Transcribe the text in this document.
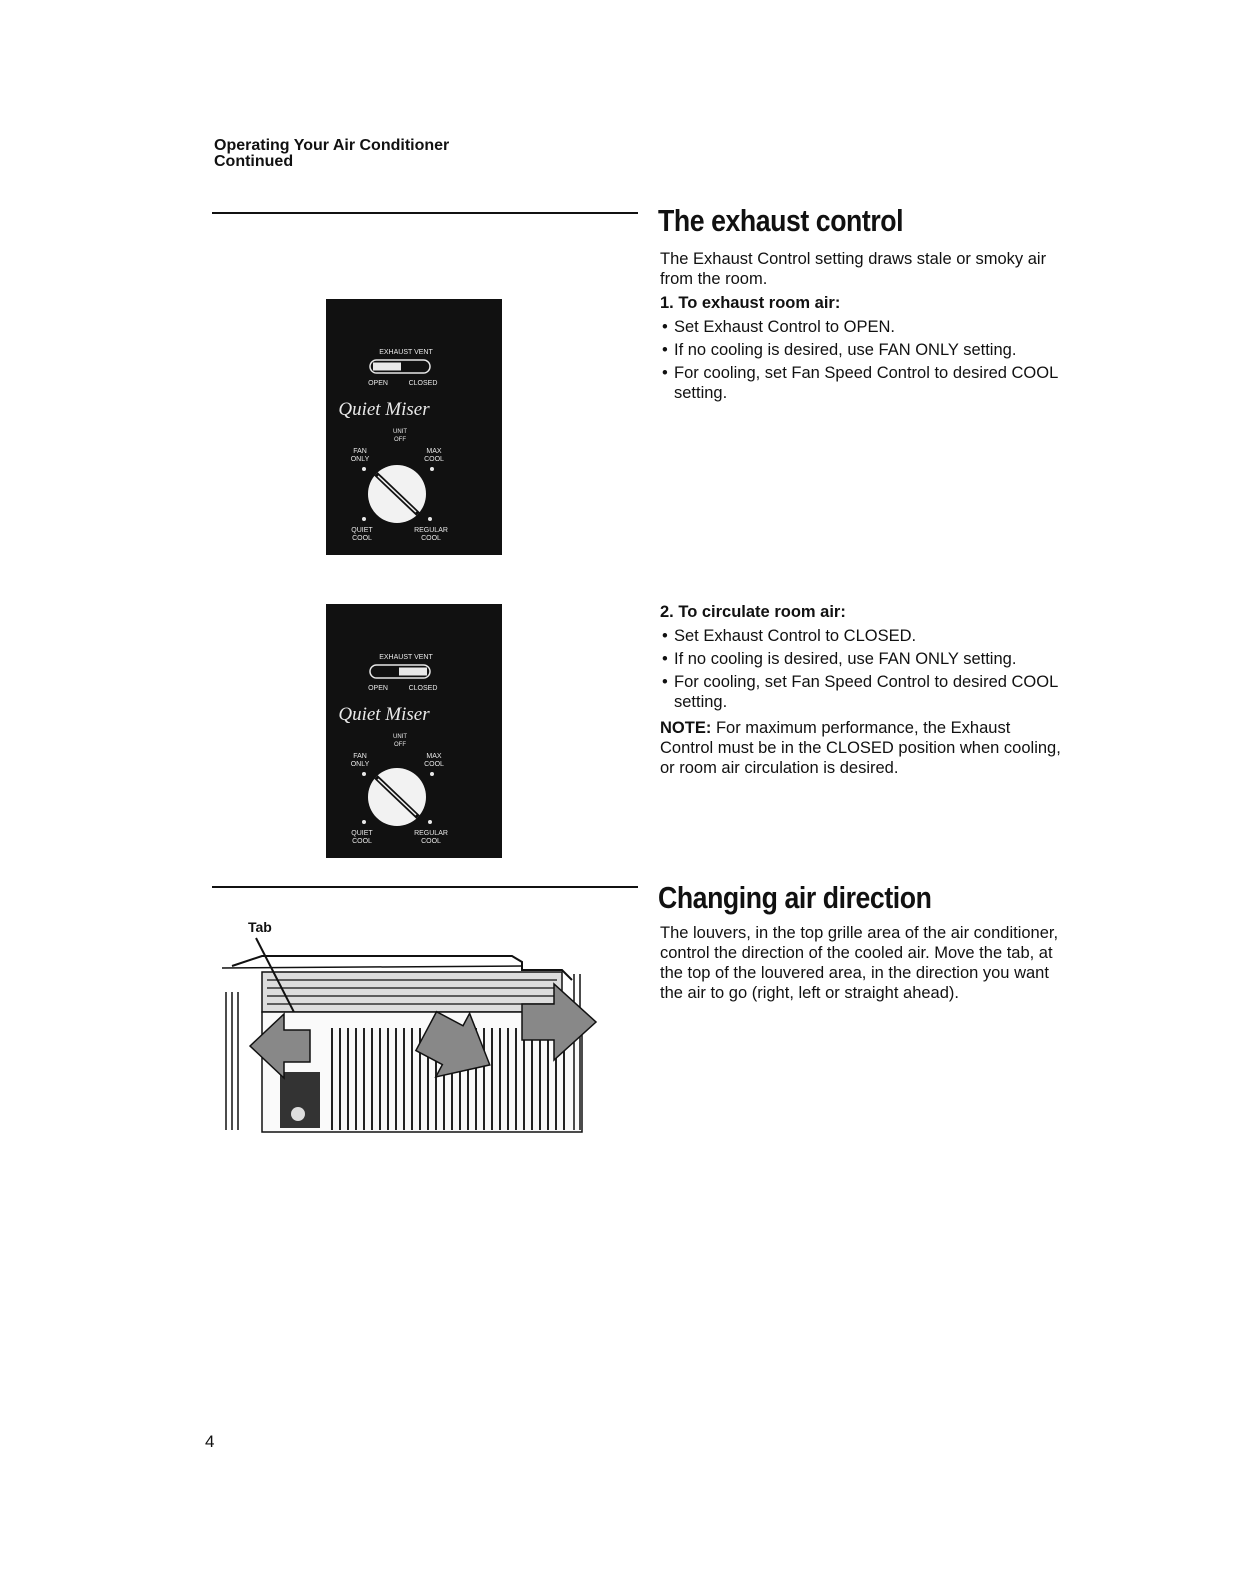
Operating Your Air Conditioner
Continued
The exhaust control

The Exhaust Control setting draws stale or smoky air from the room.

1. To exhaust room air:

• Set Exhaust Control to OPEN.
• If no cooling is desired, use FAN ONLY setting.
• For cooling, set Fan Speed Control to desired COOL setting.

2. To circulate room air:

• Set Exhaust Control to CLOSED.
• If no cooling is desired, use FAN ONLY setting.
• For cooling, set Fan Speed Control to desired COOL setting.

NOTE: For maximum performance, the Exhaust Control must be in the CLOSED position when cooling, or room air circulation is desired.

EXHAUST VENT
OPEN	CLOSED
Quiet Miser
UNIT
OFF
FAN
ONLY
MAX
COOL
QUIET
COOL
REGULAR
COOL
EXHAUST VENT
OPEN	CLOSED
Quiet Miser
UNIT
OFF
FAN
ONLY
MAX
COOL
QUIET
COOL
REGULAR
COOL
Changing air direction

The louvers, in the top grille area of the air conditioner, control the direction of the cooled air. Move the tab, at the top of the louvered area, in the direction you want the air to go (right, left or straight ahead).

Tab
4
